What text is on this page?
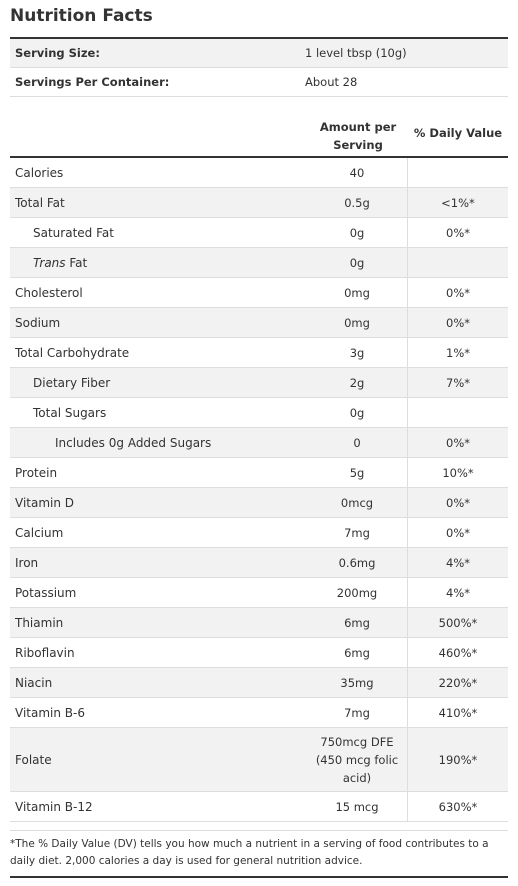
Nutrition Facts
Serving Size:	1 level tbsp (10g)
Servings Per Container:	About 28
Amount per
Serving
% Daily Value
Calories	40	
Total Fat	0.5g	<1%*
Saturated Fat	0g	0%*
Trans Fat	0g	
Cholesterol	0mg	0%*
Sodium	0mg	0%*
Total Carbohydrate	3g	1%*
Dietary Fiber	2g	7%*
Total Sugars	0g	
Includes 0g Added Sugars	0	0%*
Protein	5g	10%*
Vitamin D	0mcg	0%*
Calcium	7mg	0%*
Iron	0.6mg	4%*
Potassium	200mg	4%*
Thiamin	6mg	500%*
Riboflavin	6mg	460%*
Niacin	35mg	220%*
Vitamin B-6	7mg	410%*
Folate	750mcg DFE
(450 mcg folic
acid)	190%*
Vitamin B-12	15 mcg	630%*
*The % Daily Value (DV) tells you how much a nutrient in a serving of food contributes to a daily diet. 2,000 calories a day is used for general nutrition advice.
